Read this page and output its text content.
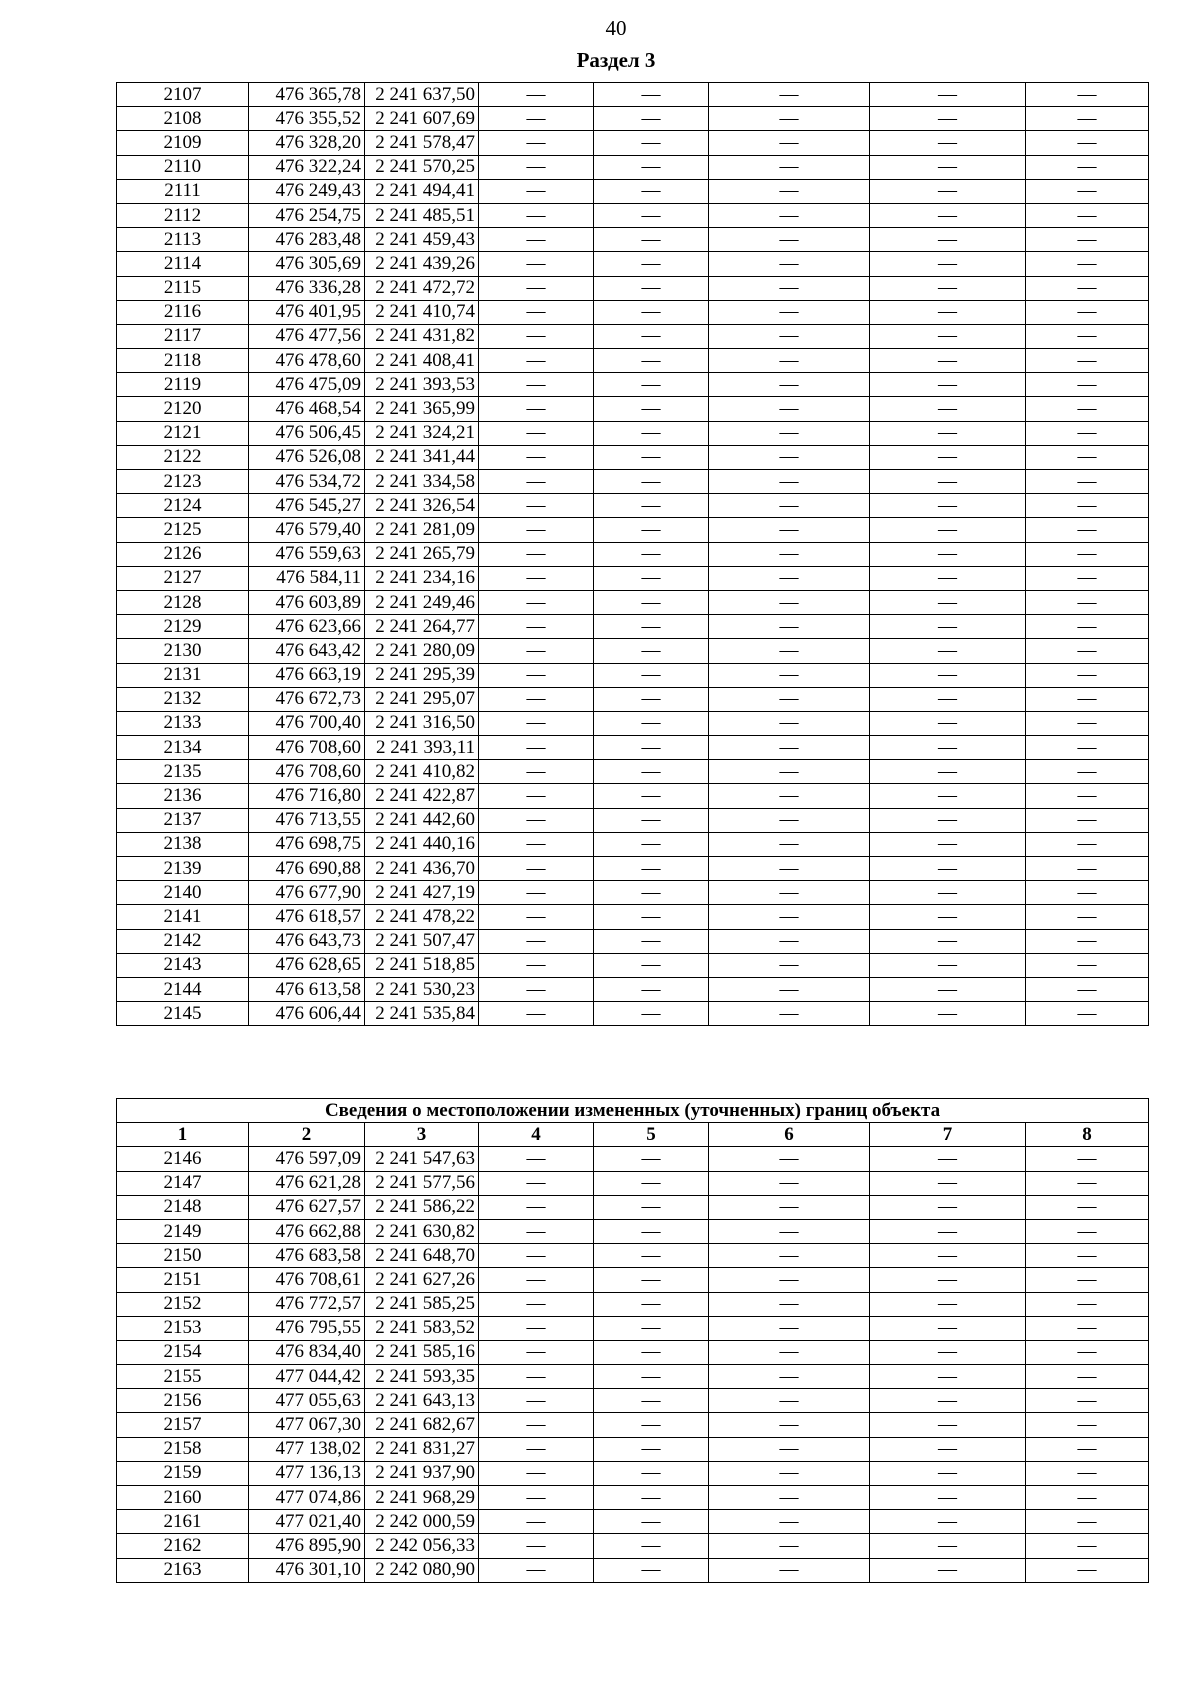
40
Раздел 3
2107	476 365,78	2 241 637,50	—	—	—	—	—
2108	476 355,52	2 241 607,69	—	—	—	—	—
2109	476 328,20	2 241 578,47	—	—	—	—	—
2110	476 322,24	2 241 570,25	—	—	—	—	—
2111	476 249,43	2 241 494,41	—	—	—	—	—
2112	476 254,75	2 241 485,51	—	—	—	—	—
2113	476 283,48	2 241 459,43	—	—	—	—	—
2114	476 305,69	2 241 439,26	—	—	—	—	—
2115	476 336,28	2 241 472,72	—	—	—	—	—
2116	476 401,95	2 241 410,74	—	—	—	—	—
2117	476 477,56	2 241 431,82	—	—	—	—	—
2118	476 478,60	2 241 408,41	—	—	—	—	—
2119	476 475,09	2 241 393,53	—	—	—	—	—
2120	476 468,54	2 241 365,99	—	—	—	—	—
2121	476 506,45	2 241 324,21	—	—	—	—	—
2122	476 526,08	2 241 341,44	—	—	—	—	—
2123	476 534,72	2 241 334,58	—	—	—	—	—
2124	476 545,27	2 241 326,54	—	—	—	—	—
2125	476 579,40	2 241 281,09	—	—	—	—	—
2126	476 559,63	2 241 265,79	—	—	—	—	—
2127	476 584,11	2 241 234,16	—	—	—	—	—
2128	476 603,89	2 241 249,46	—	—	—	—	—
2129	476 623,66	2 241 264,77	—	—	—	—	—
2130	476 643,42	2 241 280,09	—	—	—	—	—
2131	476 663,19	2 241 295,39	—	—	—	—	—
2132	476 672,73	2 241 295,07	—	—	—	—	—
2133	476 700,40	2 241 316,50	—	—	—	—	—
2134	476 708,60	2 241 393,11	—	—	—	—	—
2135	476 708,60	2 241 410,82	—	—	—	—	—
2136	476 716,80	2 241 422,87	—	—	—	—	—
2137	476 713,55	2 241 442,60	—	—	—	—	—
2138	476 698,75	2 241 440,16	—	—	—	—	—
2139	476 690,88	2 241 436,70	—	—	—	—	—
2140	476 677,90	2 241 427,19	—	—	—	—	—
2141	476 618,57	2 241 478,22	—	—	—	—	—
2142	476 643,73	2 241 507,47	—	—	—	—	—
2143	476 628,65	2 241 518,85	—	—	—	—	—
2144	476 613,58	2 241 530,23	—	—	—	—	—
2145	476 606,44	2 241 535,84	—	—	—	—	—
Сведения о местоположении измененных (уточненных) границ объекта							
1	2	3	4	5	6	7	8
2146	476 597,09	2 241 547,63	—	—	—	—	—
2147	476 621,28	2 241 577,56	—	—	—	—	—
2148	476 627,57	2 241 586,22	—	—	—	—	—
2149	476 662,88	2 241 630,82	—	—	—	—	—
2150	476 683,58	2 241 648,70	—	—	—	—	—
2151	476 708,61	2 241 627,26	—	—	—	—	—
2152	476 772,57	2 241 585,25	—	—	—	—	—
2153	476 795,55	2 241 583,52	—	—	—	—	—
2154	476 834,40	2 241 585,16	—	—	—	—	—
2155	477 044,42	2 241 593,35	—	—	—	—	—
2156	477 055,63	2 241 643,13	—	—	—	—	—
2157	477 067,30	2 241 682,67	—	—	—	—	—
2158	477 138,02	2 241 831,27	—	—	—	—	—
2159	477 136,13	2 241 937,90	—	—	—	—	—
2160	477 074,86	2 241 968,29	—	—	—	—	—
2161	477 021,40	2 242 000,59	—	—	—	—	—
2162	476 895,90	2 242 056,33	—	—	—	—	—
2163	476 301,10	2 242 080,90	—	—	—	—	—
